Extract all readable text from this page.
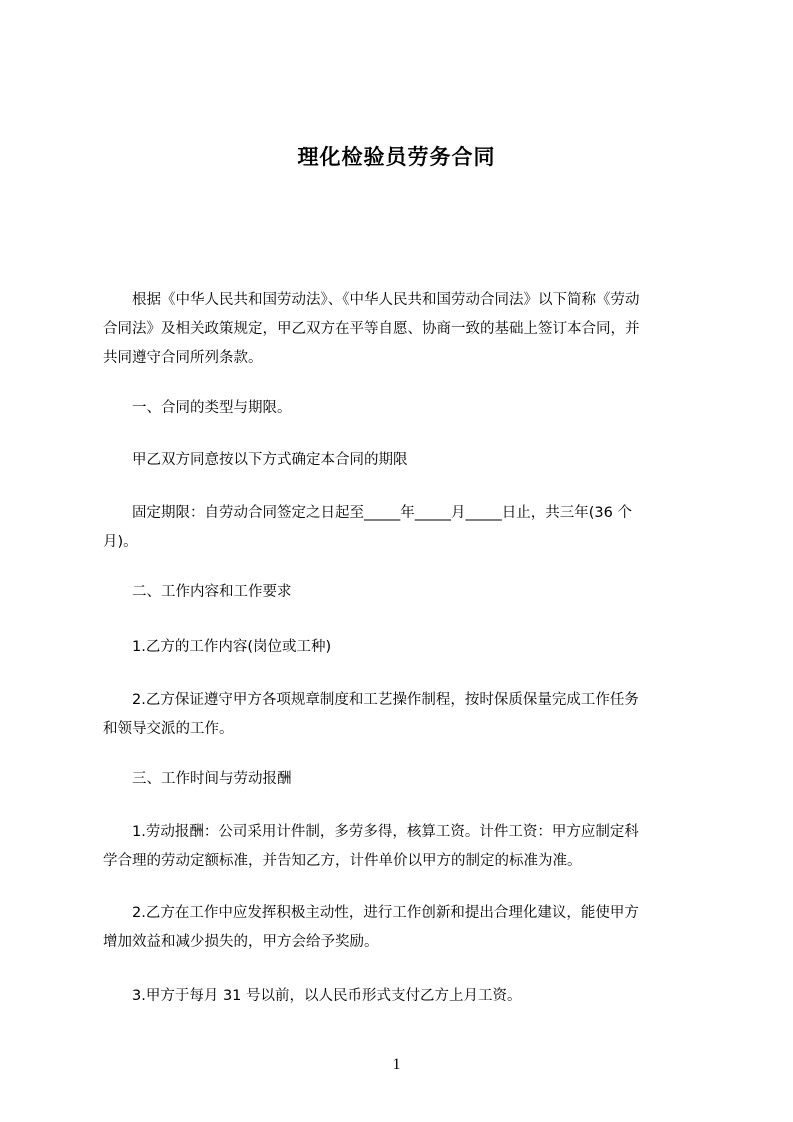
理化检验员劳务合同

　　根据《中华人民共和国劳动法》、《中华人民共和国劳动合同法》以下简称《劳动
合同法》及相关政策规定，甲乙双方在平等自愿、协商一致的基础上签订本合同，并
共同遵守合同所列条款。

　　一、合同的类型与期限。

　　甲乙双方同意按以下方式确定本合同的期限

　　固定期限：自劳动合同签定之日起至_____年_____月_____日止，共三年(36 个
月)。

　　二、工作内容和工作要求

　　1.乙方的工作内容(岗位或工种)

　　2.乙方保证遵守甲方各项规章制度和工艺操作制程，按时保质保量完成工作任务
和领导交派的工作。

　　三、工作时间与劳动报酬

　　1.劳动报酬：公司采用计件制，多劳多得，核算工资。计件工资：甲方应制定科
学合理的劳动定额标准，并告知乙方，计件单价以甲方的制定的标准为准。

　　2.乙方在工作中应发挥积极主动性，进行工作创新和提出合理化建议，能使甲方
增加效益和减少损失的，甲方会给予奖励。

　　3.甲方于每月 31 号以前，以人民币形式支付乙方上月工资。

1
